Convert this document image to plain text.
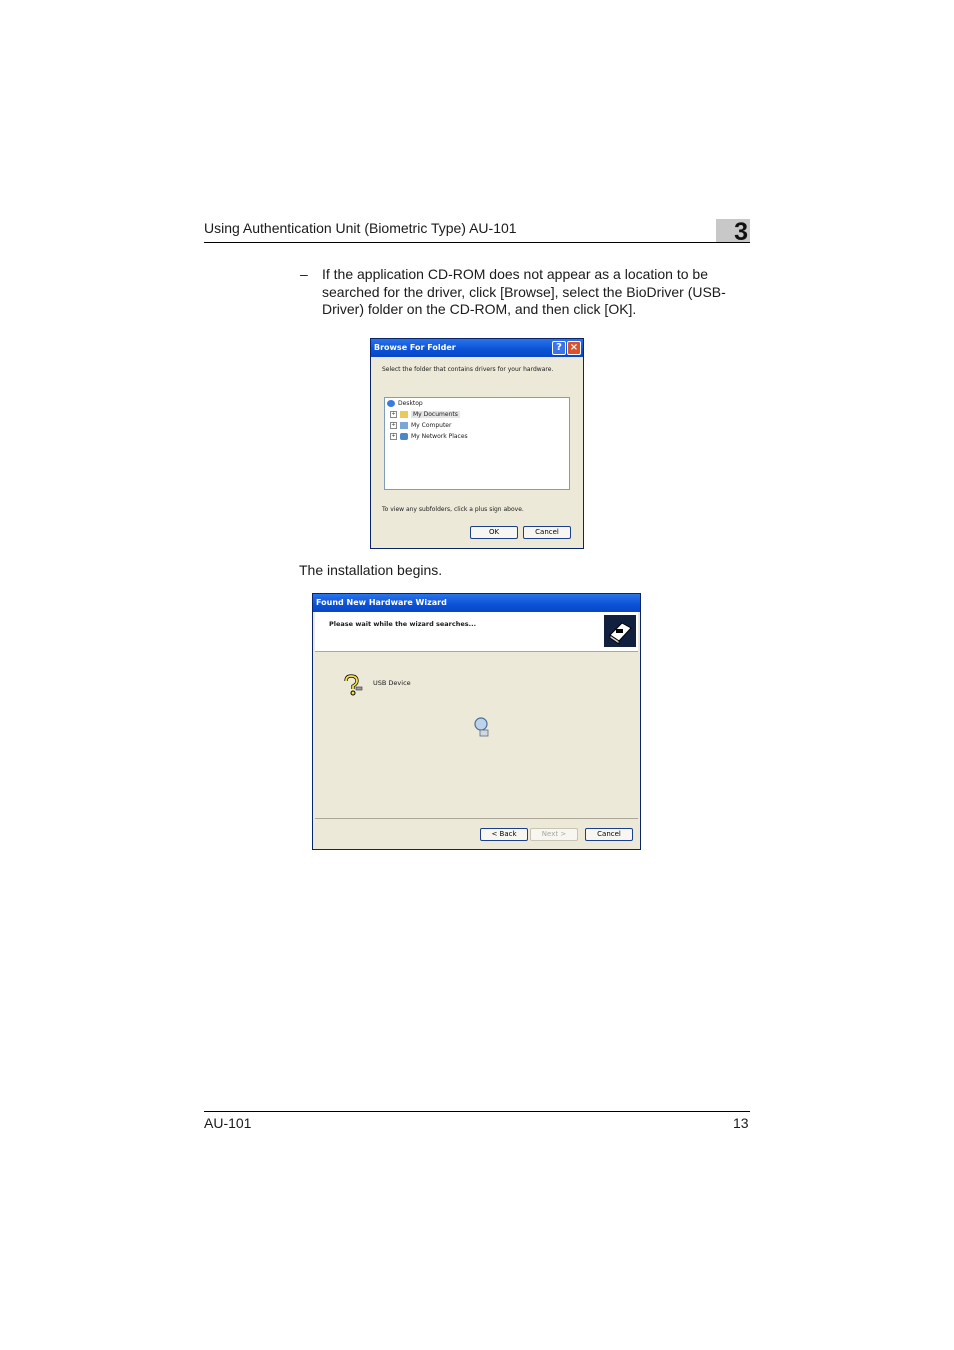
Using Authentication Unit (Biometric Type) AU-101	3
– If the application CD-ROM does not appear as a location to be searched for the driver, click [Browse], select the BioDriver (USB-Driver) folder on the CD-ROM, and then click [OK].
Browse For Folder	? ×
Select the folder that contains drivers for your hardware.
Desktop
+	My Documents
+	My Computer
+	My Network Places
To view any subfolders, click a plus sign above.
OK	Cancel
The installation begins.
Found New Hardware Wizard
Please wait while the wizard searches...
USB Device
< Back	Next >	Cancel
AU-101	13
